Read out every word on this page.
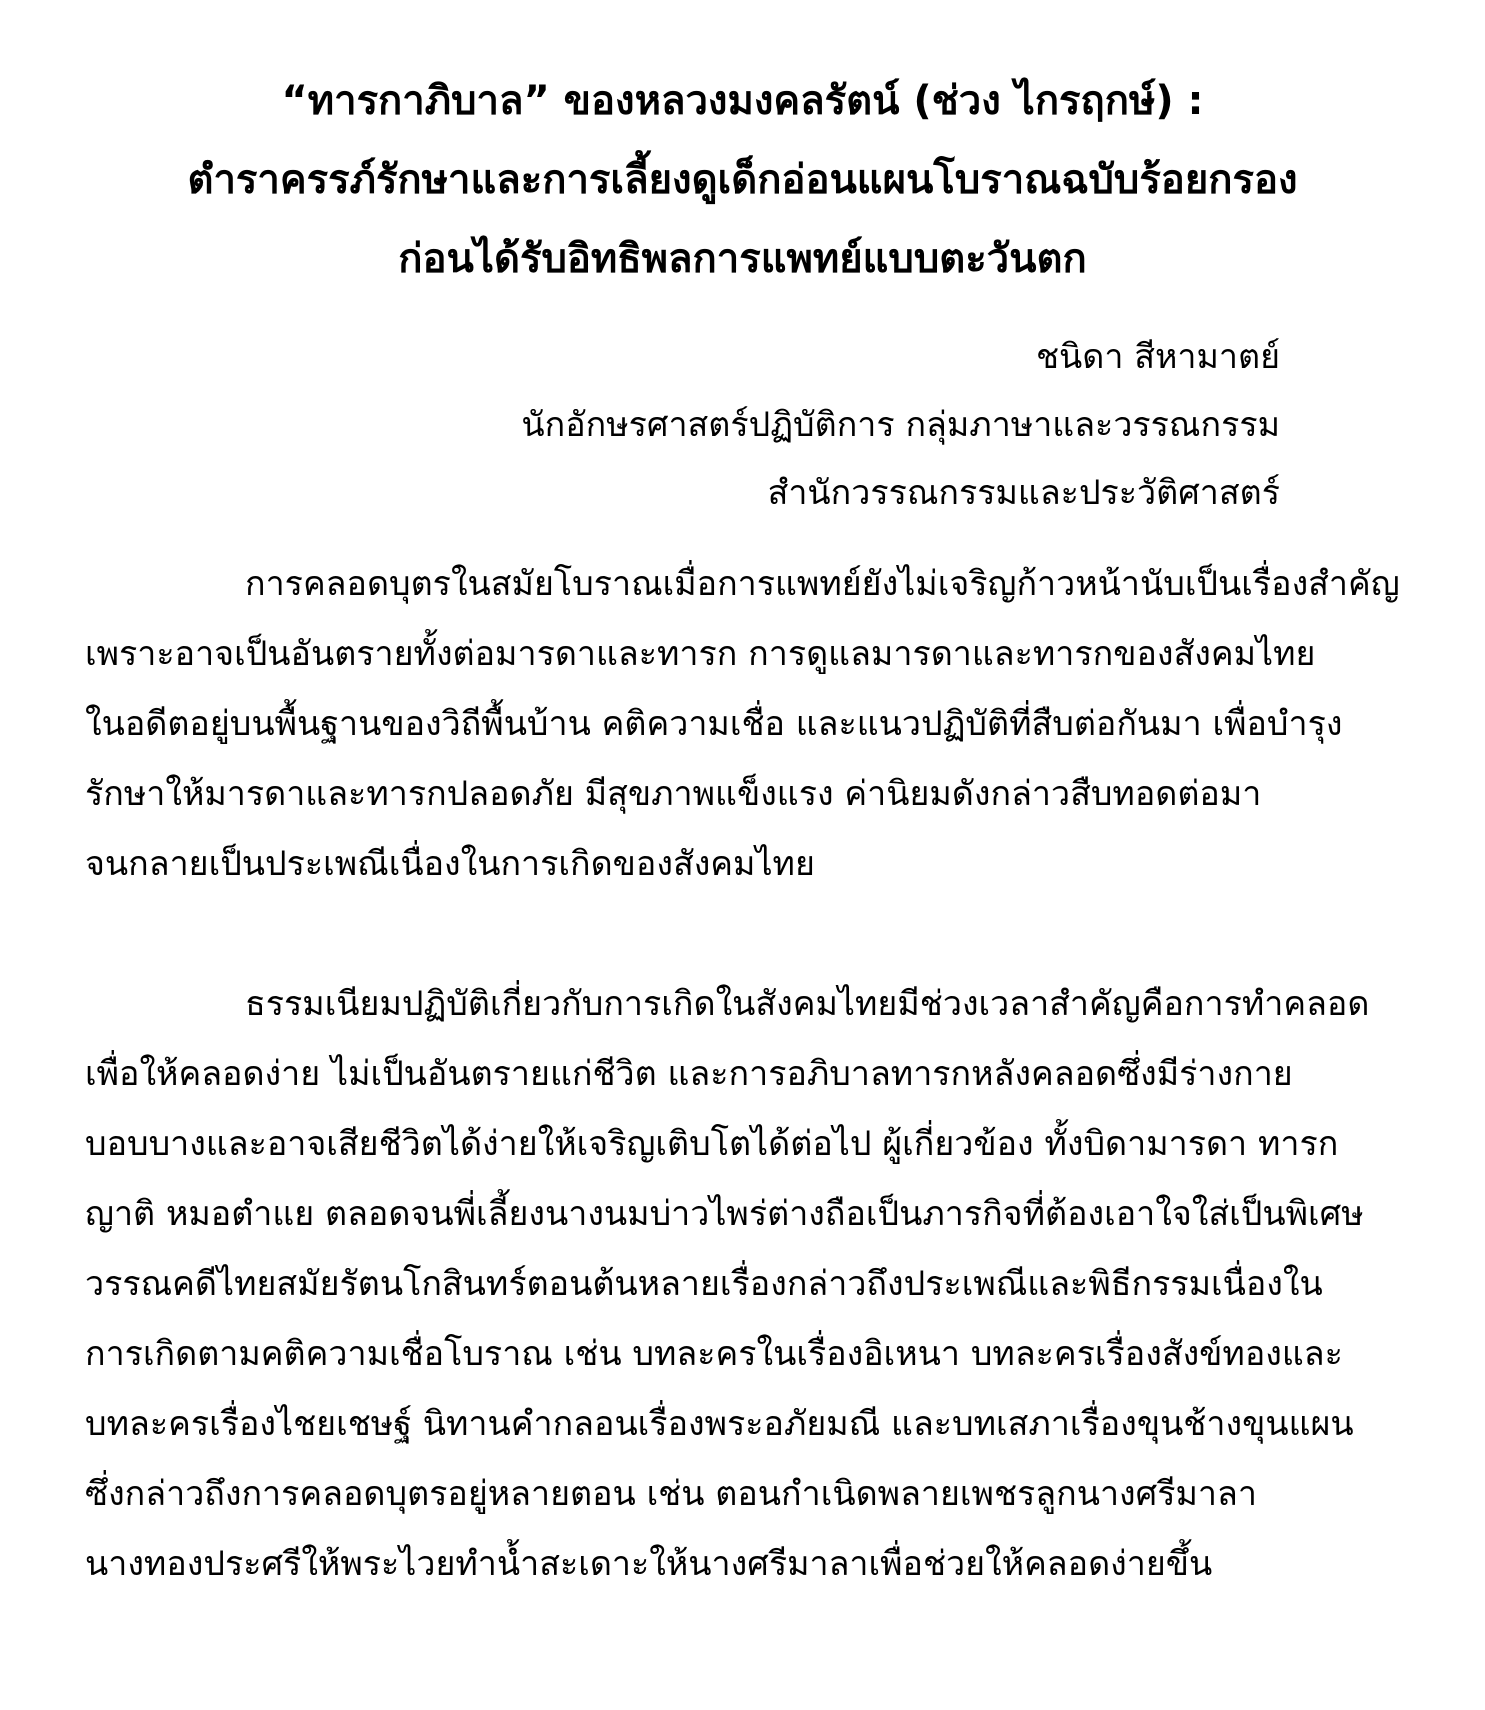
“ทารกาภิบาล” ของหลวงมงคลรัตน์ (ช่วง ไกรฤกษ์) :
ตำราครรภ์รักษาและการเลี้ยงดูเด็กอ่อนแผนโบราณฉบับร้อยกรอง
ก่อนได้รับอิทธิพลการแพทย์แบบตะวันตก
ชนิดา สีหามาตย์
นักอักษรศาสตร์ปฏิบัติการ กลุ่มภาษาและวรรณกรรม
สำนักวรรณกรรมและประวัติศาสตร์
การคลอดบุตรในสมัยโบราณเมื่อการแพทย์ยังไม่เจริญก้าวหน้านับเป็นเรื่องสำคัญ
เพราะอาจเป็นอันตรายทั้งต่อมารดาและทารก การดูแลมารดาและทารกของสังคมไทย
ในอดีตอยู่บนพื้นฐานของวิถีพื้นบ้าน คติความเชื่อ และแนวปฏิบัติที่สืบต่อกันมา เพื่อบำรุง
รักษาให้มารดาและทารกปลอดภัย มีสุขภาพแข็งแรง ค่านิยมดังกล่าวสืบทอดต่อมา
จนกลายเป็นประเพณีเนื่องในการเกิดของสังคมไทย
ธรรมเนียมปฏิบัติเกี่ยวกับการเกิดในสังคมไทยมีช่วงเวลาสำคัญคือการทำคลอด
เพื่อให้คลอดง่าย ไม่เป็นอันตรายแก่ชีวิต และการอภิบาลทารกหลังคลอดซึ่งมีร่างกาย
บอบบางและอาจเสียชีวิตได้ง่ายให้เจริญเติบโตได้ต่อไป ผู้เกี่ยวข้อง ทั้งบิดามารดา ทารก
ญาติ หมอตำแย ตลอดจนพี่เลี้ยงนางนมบ่าวไพร่ต่างถือเป็นภารกิจที่ต้องเอาใจใส่เป็นพิเศษ
วรรณคดีไทยสมัยรัตนโกสินทร์ตอนต้นหลายเรื่องกล่าวถึงประเพณีและพิธีกรรมเนื่องใน
การเกิดตามคติความเชื่อโบราณ เช่น บทละครในเรื่องอิเหนา บทละครเรื่องสังข์ทองและ
บทละครเรื่องไชยเชษฐ์ นิทานคำกลอนเรื่องพระอภัยมณี และบทเสภาเรื่องขุนช้างขุนแผน
ซึ่งกล่าวถึงการคลอดบุตรอยู่หลายตอน เช่น ตอนกำเนิดพลายเพชรลูกนางศรีมาลา
นางทองประศรีให้พระไวยทำน้ำสะเดาะให้นางศรีมาลาเพื่อช่วยให้คลอดง่ายขึ้น
